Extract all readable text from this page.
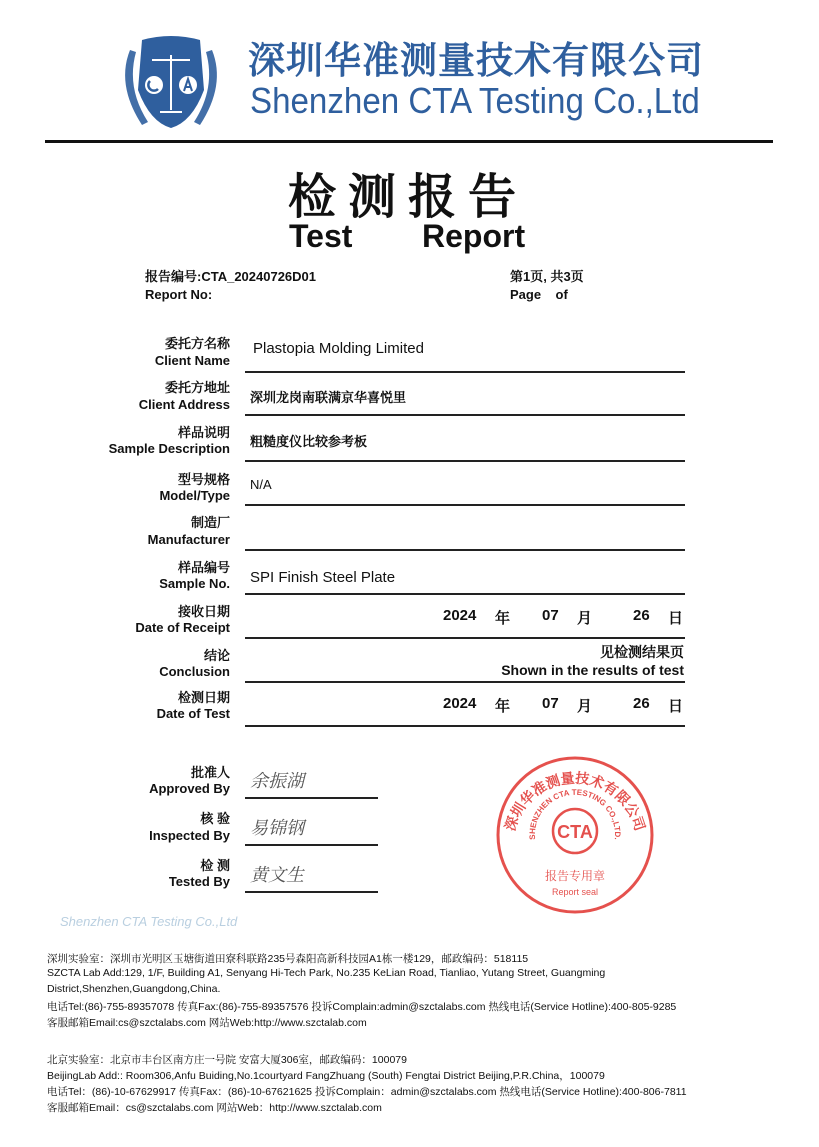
Shenzhen CTA Testing Co.,Ltd
深圳华准测量技术有限公司
Shenzhen CTA Testing Co.,Ltd
检测报告
Test Report
报告编号:CTA_20240726D01
Report No:
第1页, 共3页
Page    of
委托方名称
Client Name
Plastopia Molding Limited
委托方地址
Client Address 深圳龙岗南联满京华喜悦里
样品说明
Sample Description 粗糙度仪比较参考板
型号规格
Model/Type
N/A
制造厂
Manufacturer
样品编号
Sample No. SPI Finish Steel Plate
接收日期
Date of Receipt
2024 年 07 月	26 日
结论
Conclusion
见检测结果页
Shown in the results of test
检测日期
Date of Test
2024 年 07 月	26 日
批准人
Approved By 余振湖
核 验
Inspected By 易锦钢
检 测
Tested By 黄文生
深圳华准测量技术有限公司
SHENZHEN CTA TESTING CO.,LTD.
CTA
报告专用章
Report seal
深圳实验室：深圳市光明区玉塘街道田寮科联路235号森阳高新科技园A1栋一楼129，邮政编码：518115
SZCTA Lab Add:129, 1/F, Building A1, Senyang Hi-Tech Park, No.235 KeLian Road, Tianliao, Yutang Street, Guangming
District,Shenzhen,Guangdong,China.
电话Tel:(86)-755-89357078 传真Fax:(86)-755-89357576 投诉Complain:admin@szctalabs.com 热线电话(Service Hotline):400-805-9285
客服邮箱Email:cs@szctalabs.com 网站Web:http://www.szctalab.com
北京实验室：北京市丰台区南方庄一号院 安富大厦306室，邮政编码：100079
BeijingLab Add:: Room306,Anfu Buiding,No.1courtyard FangZhuang (South) Fengtai District Beijing,P.R.China，100079
电话Tel：(86)-10-67629917 传真Fax：(86)-10-67621625 投诉Complain：admin@szctalabs.com 热线电话(Service Hotline):400-806-7811
客服邮箱Email：cs@szctalabs.com 网站Web：http://www.szctalab.com
